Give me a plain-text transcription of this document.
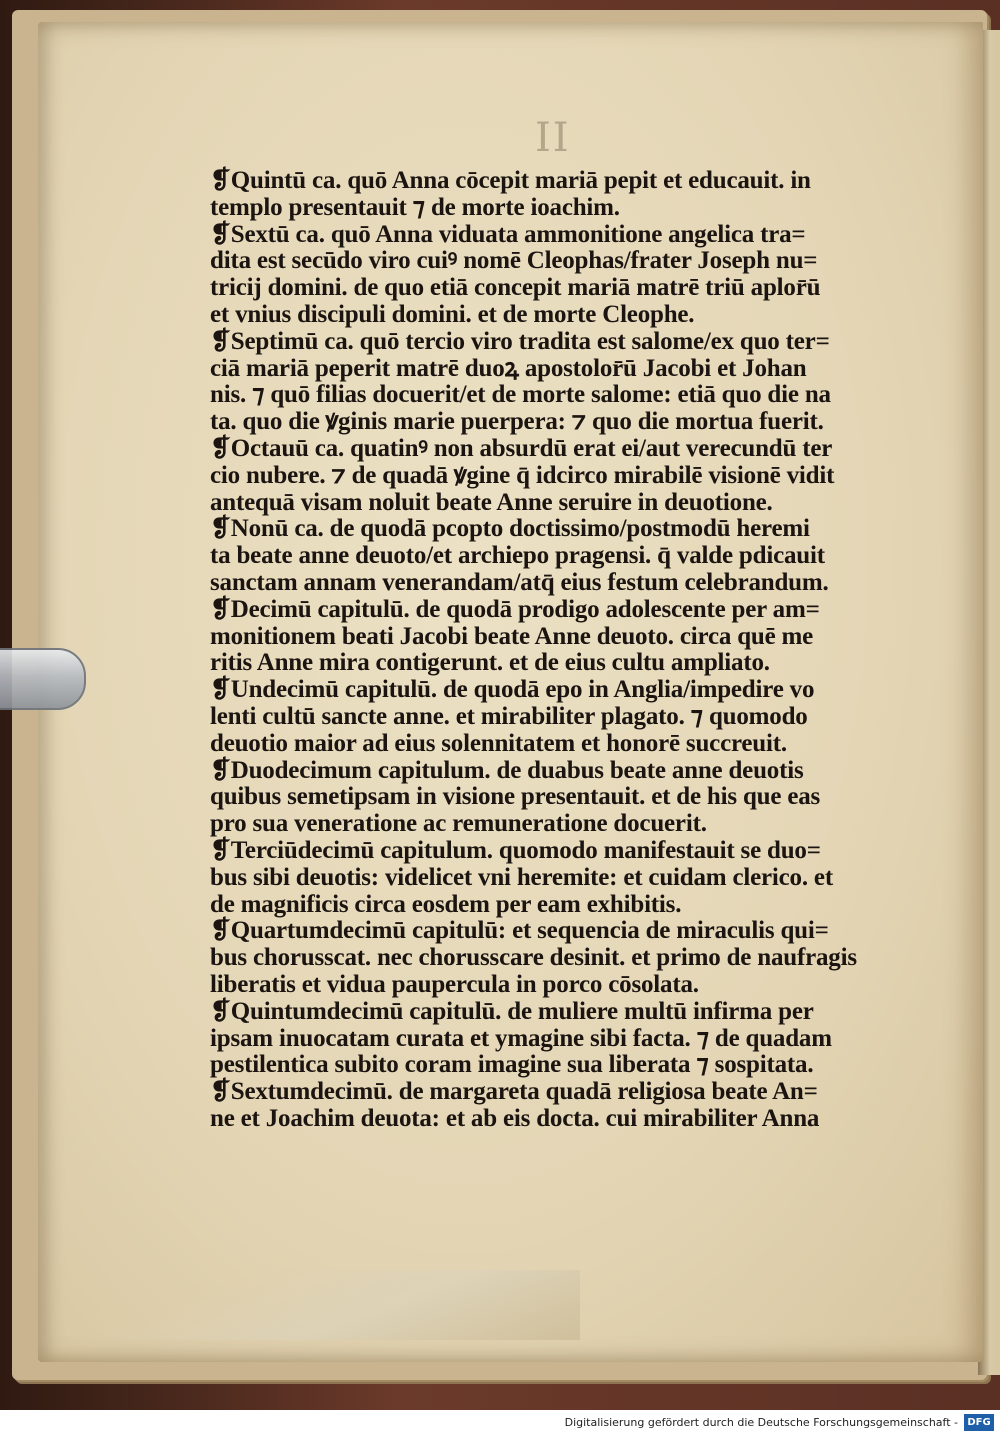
II
❡Quintū ca. quō Anna cōcepit mariā pepit et educauit. in
templo presentauit ⁊ de morte ioachim.
❡Sextū ca. quō Anna viduata ammonitione angelica tra=
dita est secūdo viro cuiꝰ nomē Cleophas/frater Joseph nu=
tricij domini. de quo etiā concepit mariā matrē triū aplor̄ū
et vnius discipuli domini. et de morte Cleophe.
❡Septimū ca. quō tercio viro tradita est salome/ex quo ter=
ciā mariā peperit matrē duoꝝ apostolor̄ū Jacobi et Johan
nis. ⁊ quō filias docuerit/et de morte salome: etiā quo die na
ta. quo die ꝟginis marie puerpera: ⁊ quo die mortua fuerit.
❡Octauū ca. quatinꝰ non absurdū erat ei/aut verecundū ter
cio nubere. ⁊ de quadā ꝟgine q̄ idcirco mirabilē visionē vidit
antequā visam noluit beate Anne seruire in deuotione.
❡Nonū ca. de quodā pcopto doctissimo/postmodū heremi
ta beate anne deuoto/et archiepo pragensi. q̄ valde pdicauit
sanctam annam venerandam/atq̄ eius festum celebrandum.
❡Decimū capitulū. de quodā prodigo adolescente per am=
monitionem beati Jacobi beate Anne deuoto. circa quē me
ritis Anne mira contigerunt. et de eius cultu ampliato.
❡Undecimū capitulū. de quodā epo in Anglia/impedire vo
lenti cultū sancte anne. et mirabiliter plagato. ⁊ quomodo
deuotio maior ad eius solennitatem et honorē succreuit.
❡Duodecimum capitulum. de duabus beate anne deuotis
quibus semetipsam in visione presentauit. et de his que eas
pro sua veneratione ac remuneratione docuerit.
❡Terciūdecimū capitulum. quomodo manifestauit se duo=
bus sibi deuotis: videlicet vni heremite: et cuidam clerico. et
de magnificis circa eosdem per eam exhibitis.
❡Quartumdecimū capitulū: et sequencia de miraculis qui=
bus chorusscat. nec chorusscare desinit. et primo de naufragis
liberatis et vidua paupercula in porco cōsolata.
❡Quintumdecimū capitulū. de muliere multū infirma per
ipsam inuocatam curata et ymagine sibi facta. ⁊ de quadam
pestilentica subito coram imagine sua liberata ⁊ sospitata.
❡Sextumdecimū. de margareta quadā religiosa beate An=
ne et Joachim deuota: et ab eis docta. cui mirabiliter Anna
Digitalisierung gefördert durch die Deutsche Forschungsgemeinschaft - DFG
